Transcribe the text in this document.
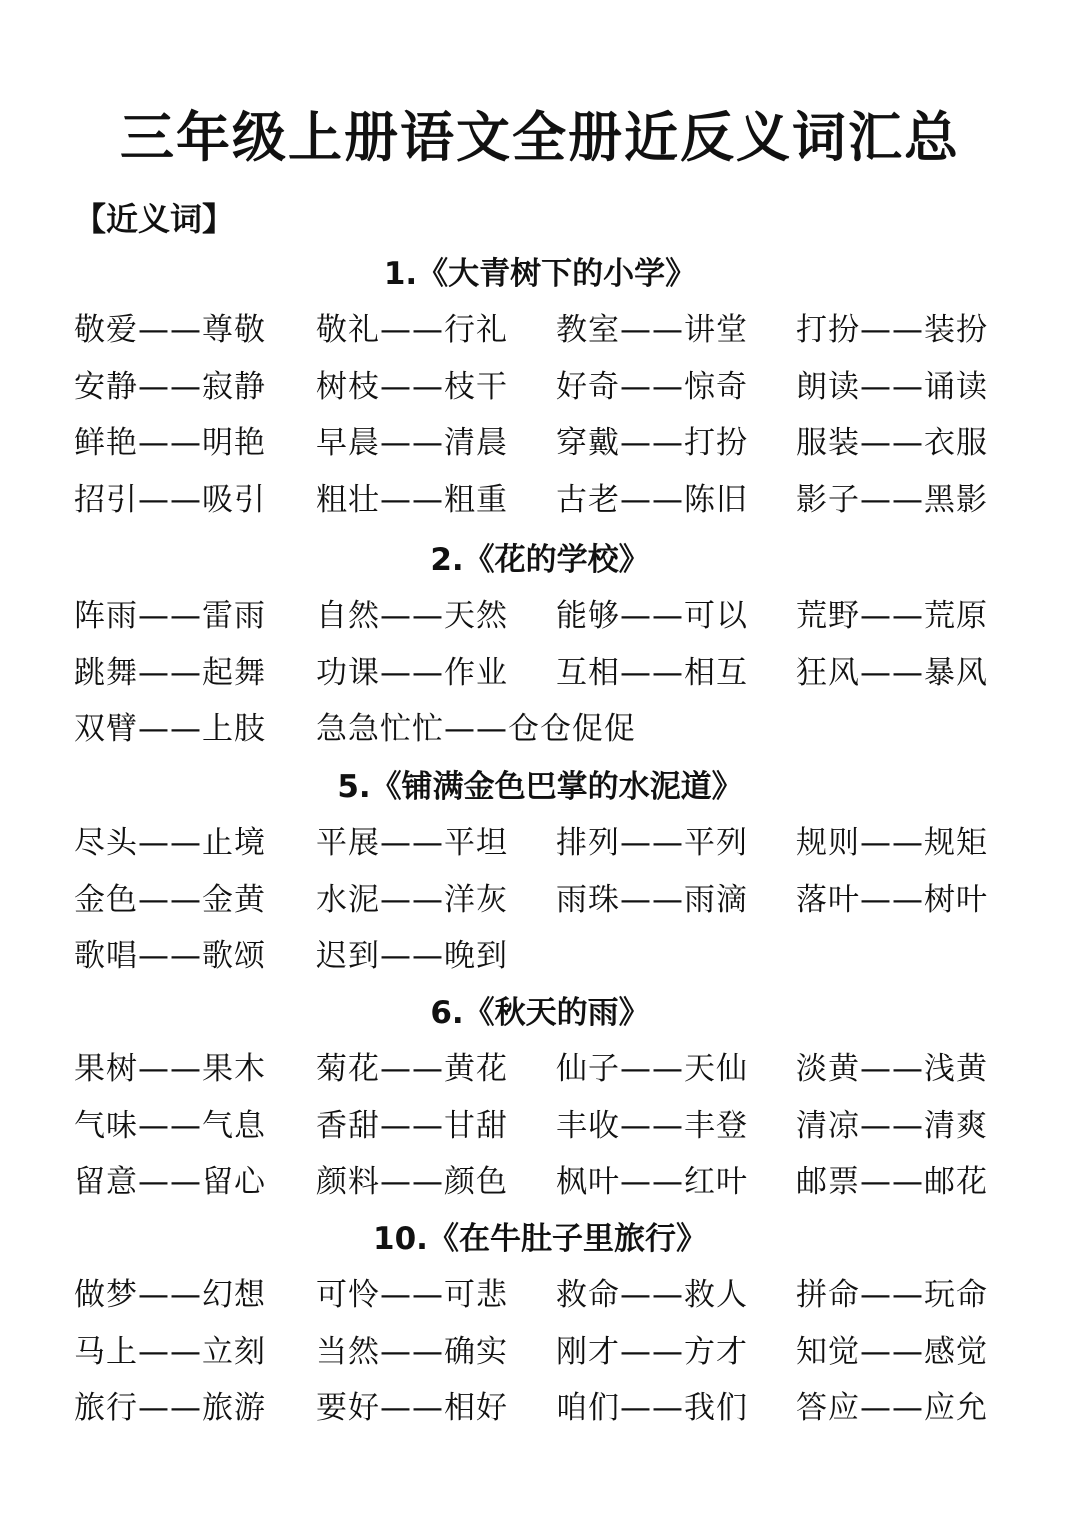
三年级上册语文全册近反义词汇总
【近义词】
1.《大青树下的小学》
敬爱——尊敬 敬礼——行礼 教室——讲堂 打扮——装扮
安静——寂静 树枝——枝干 好奇——惊奇 朗读——诵读
鲜艳——明艳 早晨——清晨 穿戴——打扮 服装——衣服
招引——吸引 粗壮——粗重 古老——陈旧 影子——黑影
2.《花的学校》
阵雨——雷雨 自然——天然 能够——可以 荒野——荒原
跳舞——起舞 功课——作业 互相——相互 狂风——暴风
双臂——上肢 急急忙忙——仓仓促促
5.《铺满金色巴掌的水泥道》
尽头——止境 平展——平坦 排列——平列 规则——规矩
金色——金黄 水泥——洋灰 雨珠——雨滴 落叶——树叶
歌唱——歌颂 迟到——晚到
6.《秋天的雨》
果树——果木 菊花——黄花 仙子——天仙 淡黄——浅黄
气味——气息 香甜——甘甜 丰收——丰登 清凉——清爽
留意——留心 颜料——颜色 枫叶——红叶 邮票——邮花
10.《在牛肚子里旅行》
做梦——幻想 可怜——可悲 救命——救人 拼命——玩命
马上——立刻 当然——确实 刚才——方才 知觉——感觉
旅行——旅游 要好——相好 咱们——我们 答应——应允
